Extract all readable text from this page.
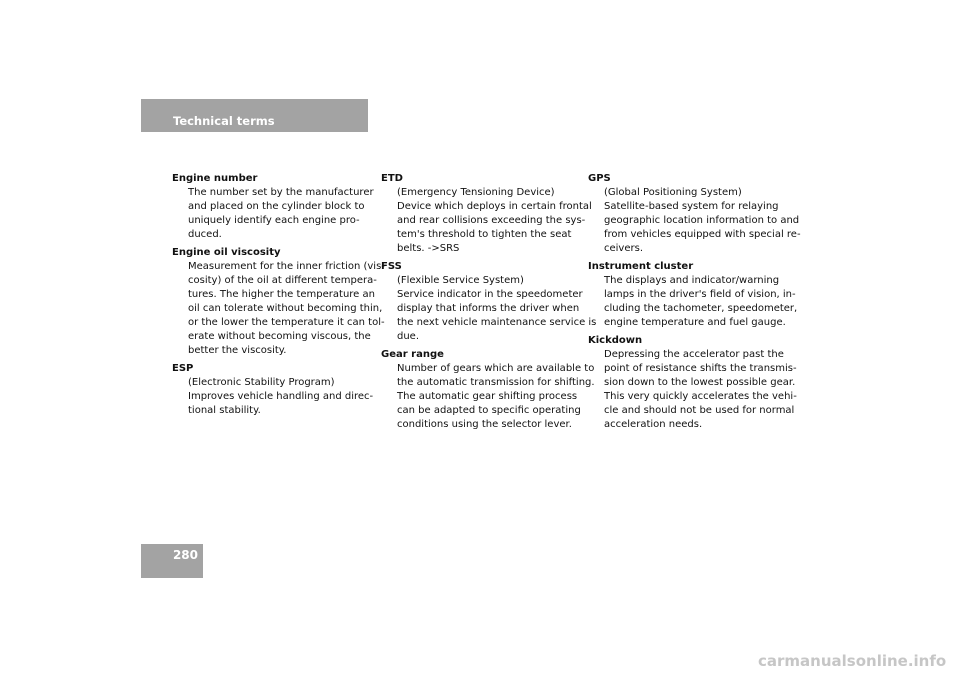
Technical terms
Engine number
The number set by the manufacturer
and placed on the cylinder block to
uniquely identify each engine pro-
duced.
Engine oil viscosity
Measurement for the inner friction (vis-
cosity) of the oil at different tempera-
tures. The higher the temperature an
oil can tolerate without becoming thin,
or the lower the temperature it can tol-
erate without becoming viscous, the
better the viscosity.
ESP
(Electronic Stability Program)
Improves vehicle handling and direc-
tional stability.
ETD
(Emergency Tensioning Device)
Device which deploys in certain frontal
and rear collisions exceeding the sys-
tem's threshold to tighten the seat
belts. ->SRS
FSS
(Flexible Service System)
Service indicator in the speedometer
display that informs the driver when
the next vehicle maintenance service is
due.
Gear range
Number of gears which are available to
the automatic transmission for shifting.
The automatic gear shifting process
can be adapted to specific operating
conditions using the selector lever.
GPS
(Global Positioning System)
Satellite-based system for relaying
geographic location information to and
from vehicles equipped with special re-
ceivers.
Instrument cluster
The displays and indicator/warning
lamps in the driver's field of vision, in-
cluding the tachometer, speedometer,
engine temperature and fuel gauge.
Kickdown
Depressing the accelerator past the
point of resistance shifts the transmis-
sion down to the lowest possible gear.
This very quickly accelerates the vehi-
cle and should not be used for normal
acceleration needs.
280
carmanualsonline.info
